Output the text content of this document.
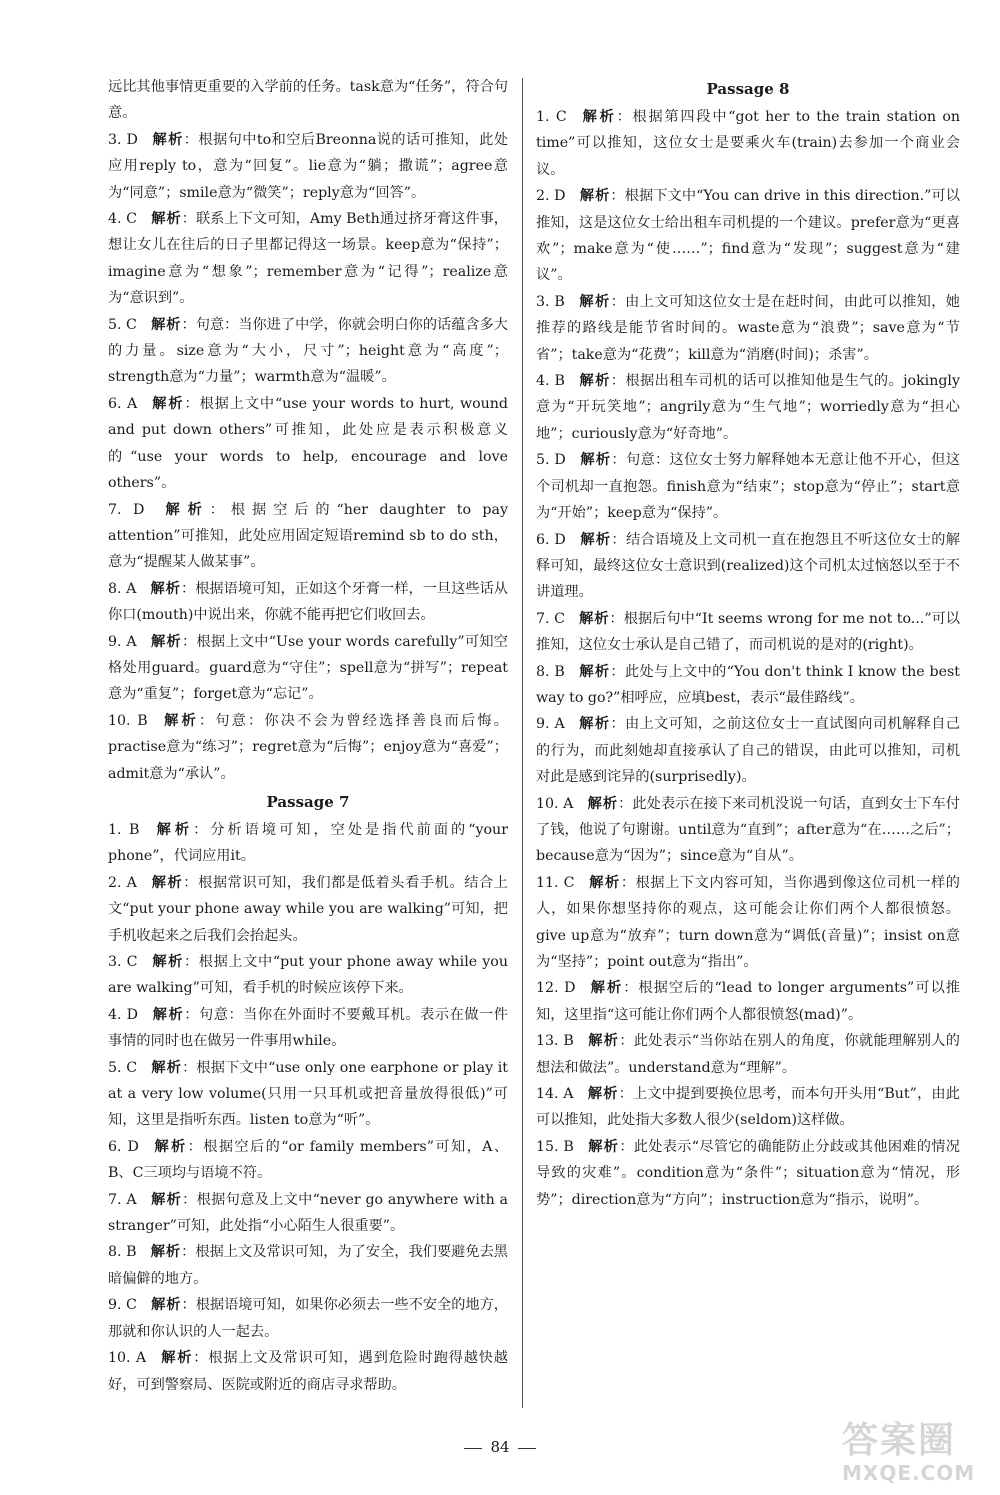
远比其他事情更重要的入学前的任务。task意为“任务”，符合句意。

3. D  解析：根据句中to和空后Breonna说的话可推知，此处应用reply to，意为“回复”。lie意为“躺；撒谎”；agree意为“同意”；smile意为“微笑”；reply意为“回答”。

4. C  解析：联系上下文可知，Amy Beth通过挤牙膏这件事，想让女儿在往后的日子里都记得这一场景。keep意为“保持”；imagine意为“想象”；remember意为“记得”；realize意为“意识到”。

5. C  解析：句意：当你进了中学，你就会明白你的话蕴含多大的力量。size意为“大小，尺寸”；height意为“高度”；strength意为“力量”；warmth意为“温暖”。

6. A  解析：根据上文中“use your words to hurt, wound and put down others”可推知，此处应是表示积极意义的“use your words to help, encourage and love others”。

7. D  解析：根据空后的“her daughter to pay attention”可推知，此处应用固定短语remind sb to do sth，意为“提醒某人做某事”。

8. A  解析：根据语境可知，正如这个牙膏一样，一旦这些话从你口(mouth)中说出来，你就不能再把它们收回去。

9. A  解析：根据上文中“Use your words carefully”可知空格处用guard。guard意为“守住”；spell意为“拼写”；repeat意为“重复”；forget意为“忘记”。

10. B  解析：句意：你决不会为曾经选择善良而后悔。practise意为“练习”；regret意为“后悔”；enjoy意为“喜爱”；admit意为“承认”。

Passage 7

1. B  解析：分析语境可知，空处是指代前面的“your phone”，代词应用it。

2. A  解析：根据常识可知，我们都是低着头看手机。结合上文“put your phone away while you are walking”可知，把手机收起来之后我们会抬起头。

3. C  解析：根据上文中“put your phone away while you are walking”可知，看手机的时候应该停下来。

4. D  解析：句意：当你在外面时不要戴耳机。表示在做一件事情的同时也在做另一件事用while。

5. C  解析：根据下文中“use only one earphone or play it at a very low volume(只用一只耳机或把音量放得很低)”可知，这里是指听东西。listen to意为“听”。

6. D  解析：根据空后的“or family members”可知，A、B、C三项均与语境不符。

7. A  解析：根据句意及上文中“never go anywhere with a stranger”可知，此处指“小心陌生人很重要”。

8. B  解析：根据上文及常识可知，为了安全，我们要避免去黑暗偏僻的地方。

9. C  解析：根据语境可知，如果你必须去一些不安全的地方，那就和你认识的人一起去。

10. A  解析：根据上文及常识可知，遇到危险时跑得越快越好，可到警察局、医院或附近的商店寻求帮助。

Passage 8

1. C  解析：根据第四段中“got her to the train station on time”可以推知，这位女士是要乘火车(train)去参加一个商业会议。

2. D  解析：根据下文中“You can drive in this direction.”可以推知，这是这位女士给出租车司机提的一个建议。prefer意为“更喜欢”；make意为“使……”；find意为“发现”；suggest意为“建议”。

3. B  解析：由上文可知这位女士是在赶时间，由此可以推知，她推荐的路线是能节省时间的。waste意为“浪费”；save意为“节省”；take意为“花费”；kill意为“消磨(时间)；杀害”。

4. B  解析：根据出租车司机的话可以推知他是生气的。jokingly意为“开玩笑地”；angrily意为“生气地”；worriedly意为“担心地”；curiously意为“好奇地”。

5. D  解析：句意：这位女士努力解释她本无意让他不开心，但这个司机却一直抱怨。finish意为“结束”；stop意为“停止”；start意为“开始”；keep意为“保持”。

6. D  解析：结合语境及上文司机一直在抱怨且不听这位女士的解释可知，最终这位女士意识到(realized)这个司机太过恼怒以至于不讲道理。

7. C  解析：根据后句中“It seems wrong for me not to...”可以推知，这位女士承认是自己错了，而司机说的是对的(right)。

8. B  解析：此处与上文中的“You don't think I know the best way to go?”相呼应，应填best，表示“最佳路线”。

9. A  解析：由上文可知，之前这位女士一直试图向司机解释自己的行为，而此刻她却直接承认了自己的错误，由此可以推知，司机对此是感到诧异的(surprisedly)。

10. A  解析：此处表示在接下来司机没说一句话，直到女士下车付了钱，他说了句谢谢。until意为“直到”；after意为“在……之后”；because意为“因为”；since意为“自从”。

11. C  解析：根据上下文内容可知，当你遇到像这位司机一样的人，如果你想坚持你的观点，这可能会让你们两个人都很愤怒。give up意为“放弃”；turn down意为“调低(音量)”；insist on意为“坚持”；point out意为“指出”。

12. D  解析：根据空后的“lead to longer arguments”可以推知，这里指“这可能让你们两个人都很愤怒(mad)”。

13. B  解析：此处表示“当你站在别人的角度，你就能理解别人的想法和做法”。understand意为“理解”。

14. A  解析：上文中提到要换位思考，而本句开头用“But”，由此可以推知，此处指大多数人很少(seldom)这样做。

15. B  解析：此处表示“尽管它的确能防止分歧或其他困难的情况导致的灾难”。condition意为“条件”；situation意为“情况，形势”；direction意为“方向”；instruction意为“指示，说明”。

84	答案圈
MXQE.COM
